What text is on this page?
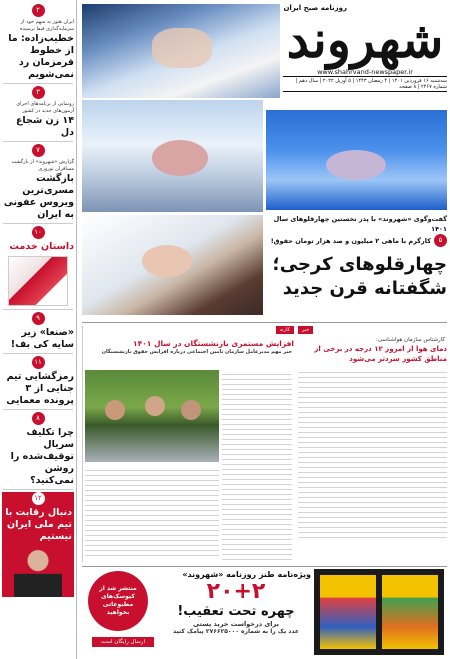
۲
ایران هنوز به سهم خود از سرمایه‌گذاری فیفا نرسیده
خطیب‌زاده: ما از خطوط قرمزمان رد نمی‌شویم
۳
رونمایی از برنامه‌های اجرای آزمون‌های جدید در کشور
۱۴ زن شجاع دل
۷
گزارش «شهروند» از بازگشت مسافران نوروزی
بازگشت مسری‌ترین ویروس عفونی به ایران
۱۰
داستان خدمت
۹
«صنعا» زیر سایه کی بف!
۱۱
رمزگشایی تیم جنایی از ۳ پرونده معمایی
۸
چرا تکلیف سریال توقیف‌شده را روشن نمی‌کنید؟
۱۲
دنبال رقابت با تیم ملی ایران نیستیم
روزنامه صبح ایران
شهروند
www.shahrvand-newspaper.ir
سه‌شنبه ۱۶ فروردین ۱۴۰۱ | ۴ رمضان ۱۴۴۳ | ۵ آوریل ۲۰۲۲ | سال دهم | شماره ۲۴۶۷ | ۸ صفحه
گفت‌وگوی «شهروند» با پدر نخستین چهارقلوهای سال ۱۴۰۱
۵
کارگرم با ماهی ۲ میلیون و صد هزار تومان حقوق!
چهارقلوهای کرجی؛ شگفتانه قرن جدید
کارنه
افزایش مستمری بازنشستگان در سال ۱۴۰۱
خبر مهم مدیرعامل سازمان تامین اجتماعی درباره افزایش حقوق بازنشستگان
خبر
کارشناس سازمان هواشناسی:
دمای هوا از امروز ۱۲ درجه در برخی از مناطق کشور سردتر می‌شود
ویژه‌نامه طنز روزنامه «شهروند»
۲۰+۲
چهره تحت تعقیب!
برای درخواست خرید پستی
عدد یک را به شماره ۲۷۶۶۲۵۰۰۰ پیامک کنید
منتشر شد از کیوسک‌های مطبوعاتی بخواهید
ارسال رایگان است
